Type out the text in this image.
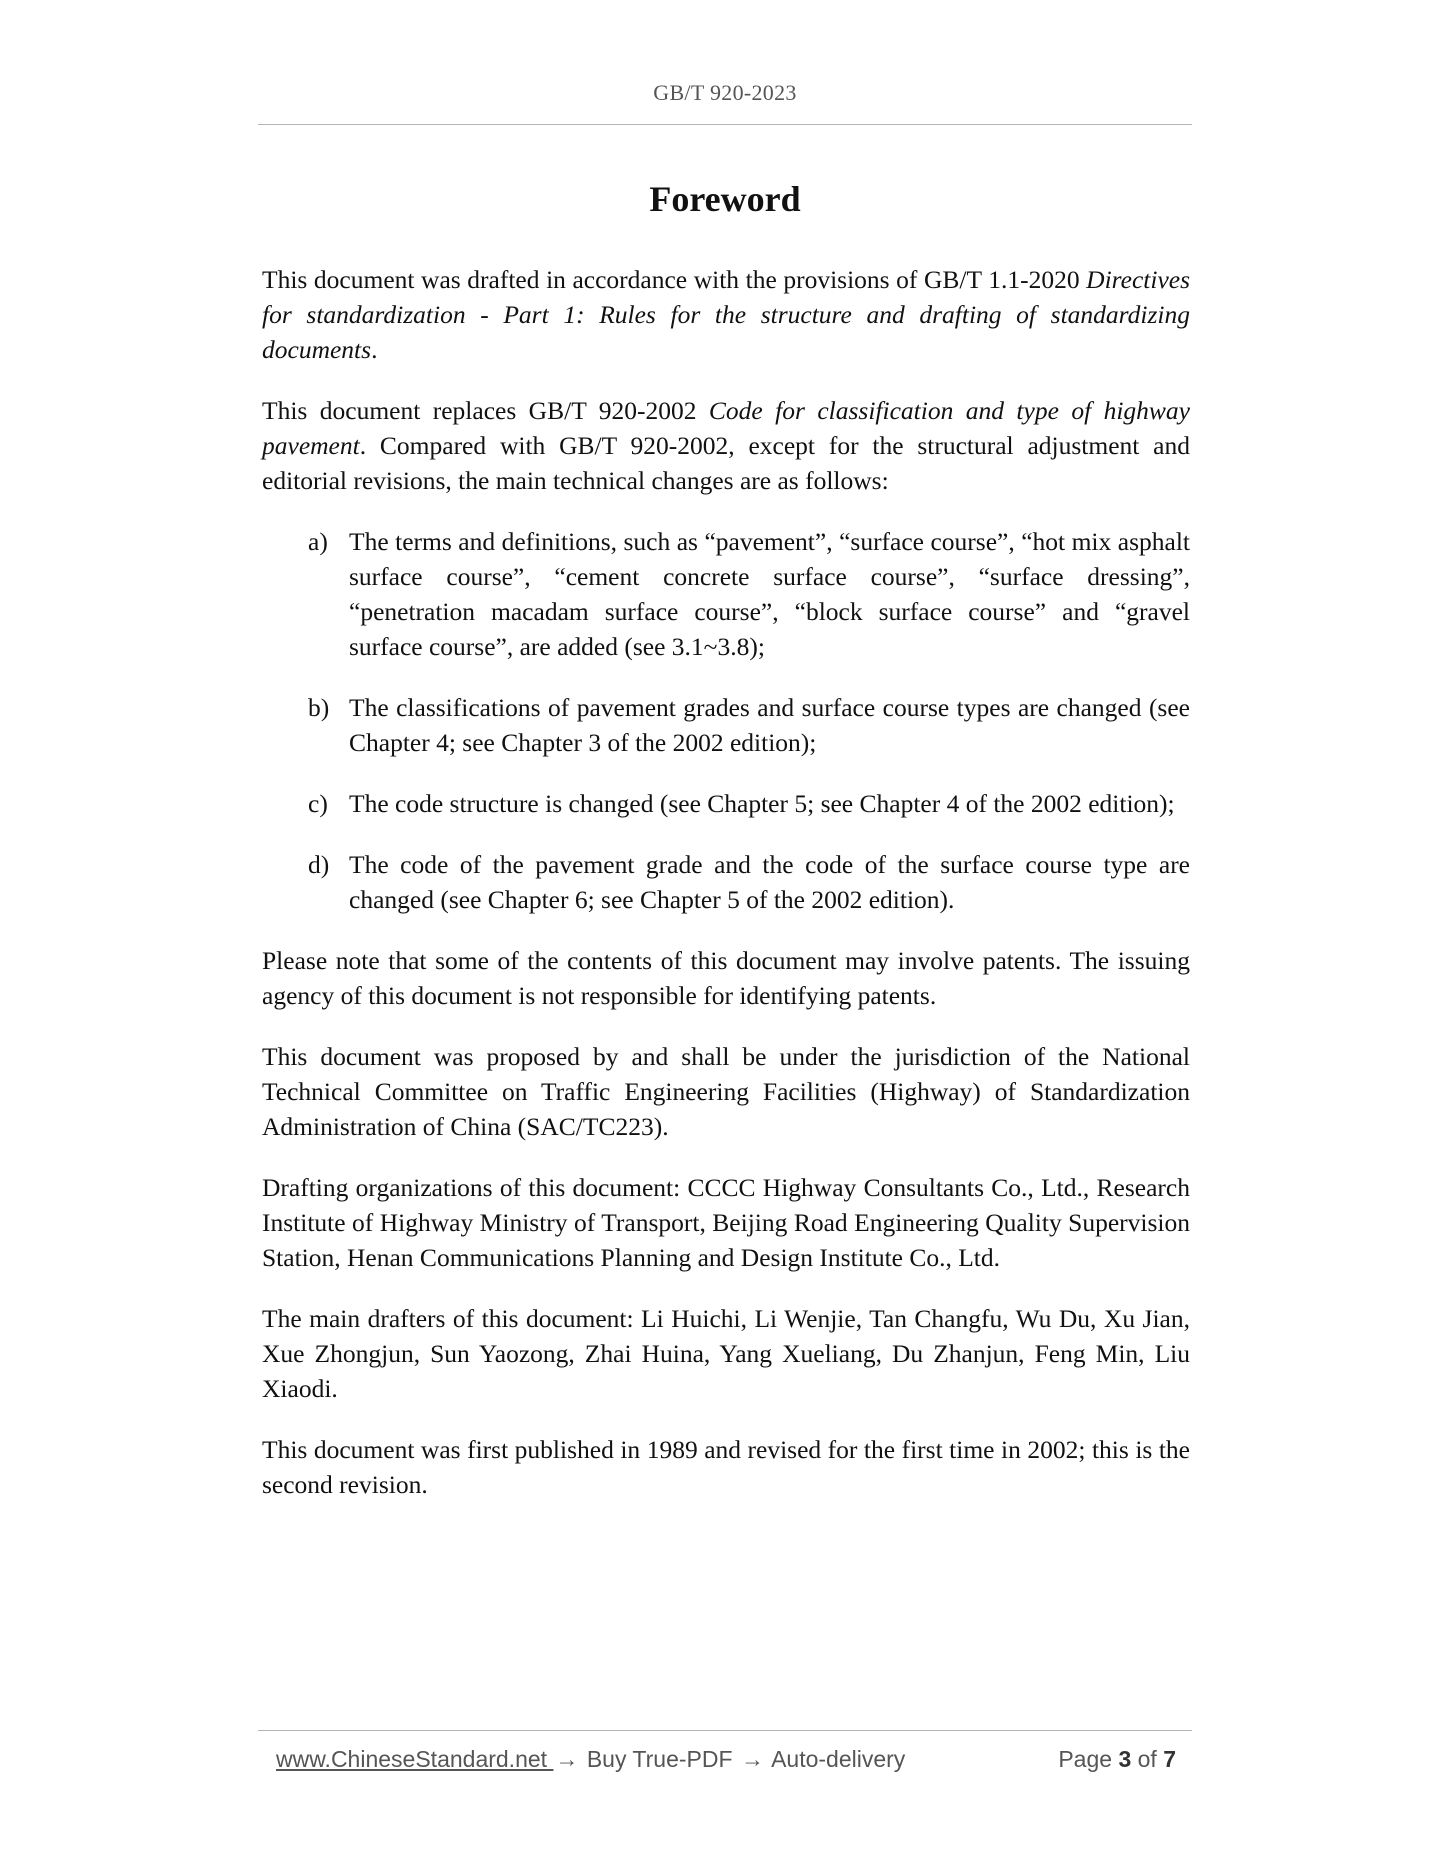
GB/T 920-2023
Foreword

This document was drafted in accordance with the provisions of GB/T 1.1-2020 Directives for standardization - Part 1: Rules for the structure and drafting of standardizing documents.

This document replaces GB/T 920-2002 Code for classification and type of highway pavement. Compared with GB/T 920-2002, except for the structural adjustment and editorial revisions, the main technical changes are as follows:

a) The terms and definitions, such as “pavement”, “surface course”, “hot mix asphalt surface course”, “cement concrete surface course”, “surface dressing”, “penetration macadam surface course”, “block surface course” and “gravel surface course”, are added (see 3.1~3.8);
b) The classifications of pavement grades and surface course types are changed (see Chapter 4; see Chapter 3 of the 2002 edition);
c) The code structure is changed (see Chapter 5; see Chapter 4 of the 2002 edition);
d) The code of the pavement grade and the code of the surface course type are changed (see Chapter 6; see Chapter 5 of the 2002 edition).

Please note that some of the contents of this document may involve patents. The issuing agency of this document is not responsible for identifying patents.

This document was proposed by and shall be under the jurisdiction of the National Technical Committee on Traffic Engineering Facilities (Highway) of Standardization Administration of China (SAC/TC223).

Drafting organizations of this document: CCCC Highway Consultants Co., Ltd., Research Institute of Highway Ministry of Transport, Beijing Road Engineering Quality Supervision Station, Henan Communications Planning and Design Institute Co., Ltd.

The main drafters of this document: Li Huichi, Li Wenjie, Tan Changfu, Wu Du, Xu Jian, Xue Zhongjun, Sun Yaozong, Zhai Huina, Yang Xueliang, Du Zhanjun, Feng Min, Liu Xiaodi.

This document was first published in 1989 and revised for the first time in 2002; this is the second revision.

www.ChineseStandard.net → Buy True-PDF → Auto-delivery	Page 3 of 7
